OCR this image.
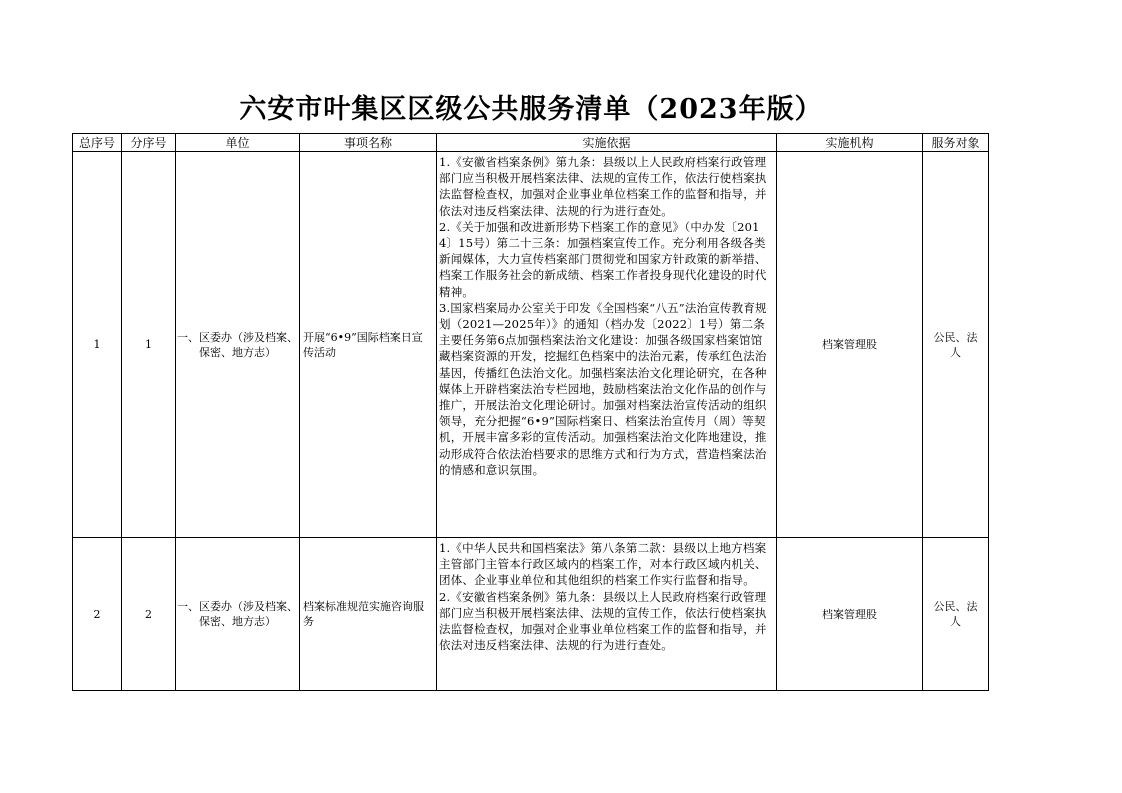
六安市叶集区区级公共服务清单（2023年版）
总序号	分序号	单位	事项名称	实施依据	实施机构	服务对象
1	1	一、区委办（涉及档案、保密、地方志）	开展“6•9”国际档案日宣传活动	1.《安徽省档案条例》第九条：县级以上人民政府档案行政管理部门应当积极开展档案法律、法规的宣传工作，依法行使档案执法监督检查权，加强对企业事业单位档案工作的监督和指导，并依法对违反档案法律、法规的行为进行查处。

2.《关于加强和改进新形势下档案工作的意见》（中办发〔2014〕15号）第二十三条：加强档案宣传工作。充分利用各级各类新闻媒体，大力宣传档案部门贯彻党和国家方针政策的新举措、档案工作服务社会的新成绩、档案工作者投身现代化建设的时代精神。

3.国家档案局办公室关于印发《全国档案“八五”法治宣传教育规划（2021—2025年）》的通知（档办发〔2022〕1号）第二条主要任务第6点加强档案法治文化建设：加强各级国家档案馆馆藏档案资源的开发，挖掘红色档案中的法治元素，传承红色法治基因，传播红色法治文化。加强档案法治文化理论研究，在各种媒体上开辟档案法治专栏园地，鼓励档案法治文化作品的创作与推广，开展法治文化理论研讨。加强对档案法治宣传活动的组织领导，充分把握“6•9”国际档案日、档案法治宣传月（周）等契机，开展丰富多彩的宣传活动。加强档案法治文化阵地建设，推动形成符合依法治档要求的思维方式和行为方式，营造档案法治的情感和意识氛围。	档案管理股	公民、法人
2	2	一、区委办（涉及档案、保密、地方志）	档案标准规范实施咨询服务	1.《中华人民共和国档案法》第八条第二款：县级以上地方档案主管部门主管本行政区域内的档案工作，对本行政区域内机关、团体、企业事业单位和其他组织的档案工作实行监督和指导。

2.《安徽省档案条例》第九条：县级以上人民政府档案行政管理部门应当积极开展档案法律、法规的宣传工作，依法行使档案执法监督检查权，加强对企业事业单位档案工作的监督和指导，并依法对违反档案法律、法规的行为进行查处。	档案管理股	公民、法人
